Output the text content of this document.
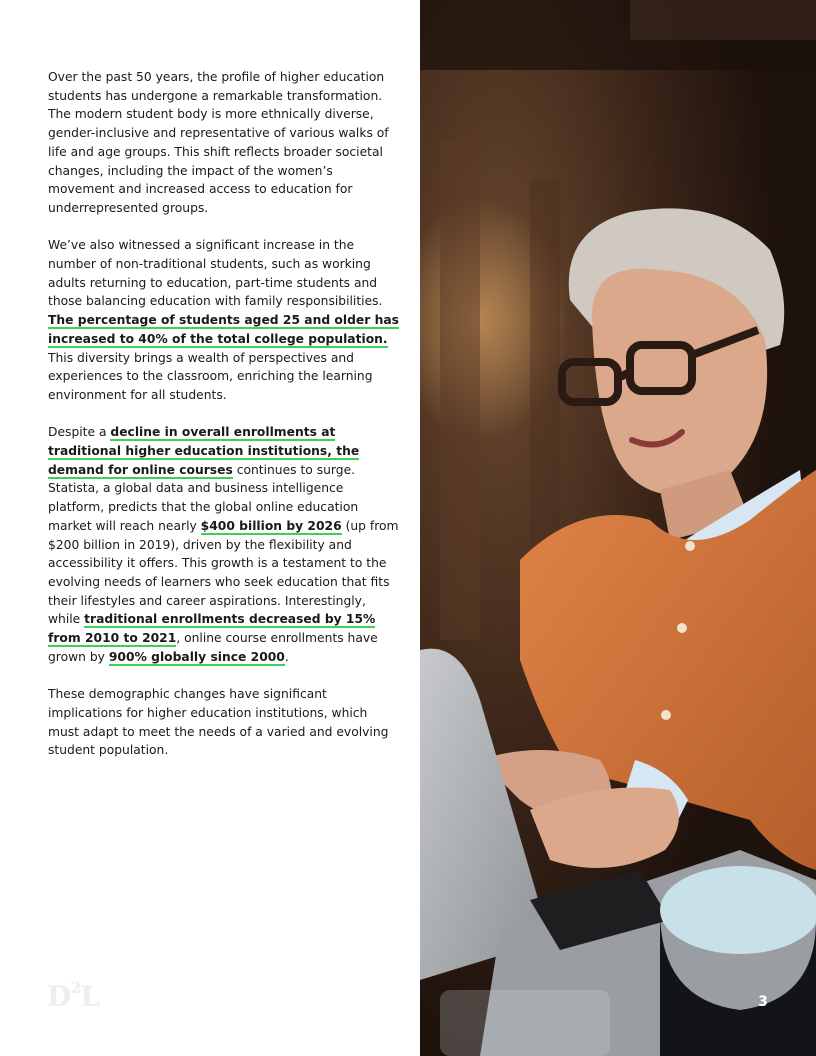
Over the past 50 years, the profile of higher education students has undergone a remarkable transformation. The modern student body is more ethnically diverse, gender-inclusive and representative of various walks of life and age groups. This shift reflects broader societal changes, including the impact of the women’s movement and increased access to education for underrepresented groups.

We’ve also witnessed a significant increase in the number of non-traditional students, such as working adults returning to education, part-time students and those balancing education with family responsibilities. The percentage of students aged 25 and older has increased to 40% of the total college population. This diversity brings a wealth of perspectives and experiences to the classroom, enriching the learning environment for all students.

Despite a decline in overall enrollments at traditional higher education institutions, the demand for online courses continues to surge. Statista, a global data and business intelligence platform, predicts that the global online education market will reach nearly $400 billion by 2026 (up from $200 billion in 2019), driven by the flexibility and accessibility it offers. This growth is a testament to the evolving needs of learners who seek education that fits their lifestyles and career aspirations. Interestingly, while traditional enrollments decreased by 15% from 2010 to 2021, online course enrollments have grown by 900% globally since 2000.

These demographic changes have significant implications for higher education institutions, which must adapt to meet the needs of a varied and evolving student population.

$D^2L$	3
